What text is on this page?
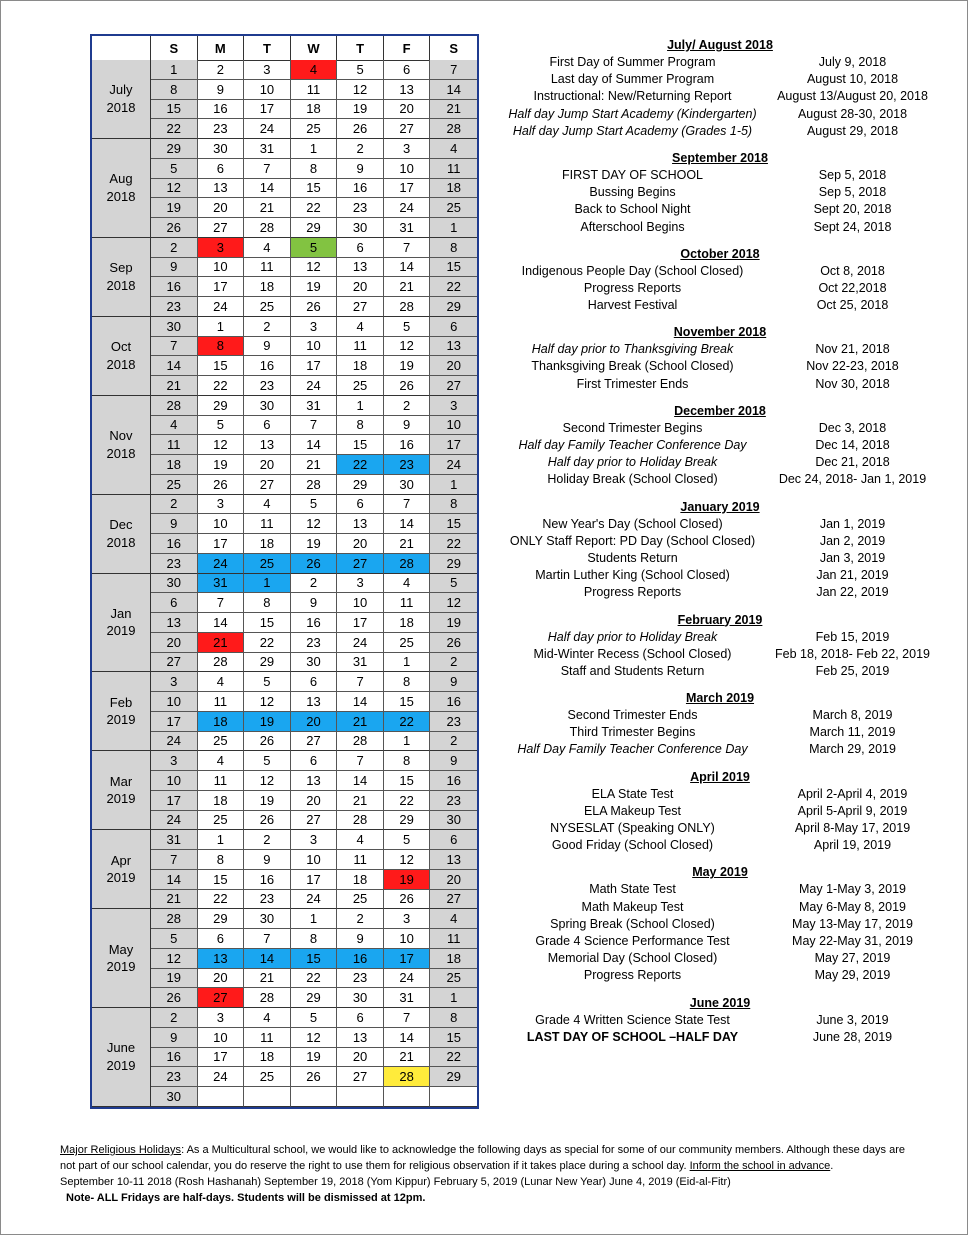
S	M	T	W	T	F	S
July
2018
1	2	3	4	5	6	7
8	9	10	11	12	13	14
15	16	17	18	19	20	21
22	23	24	25	26	27	28
Aug
2018
29	30	31	1	2	3	4
5	6	7	8	9	10	11
12	13	14	15	16	17	18
19	20	21	22	23	24	25
26	27	28	29	30	31	1
Sep
2018
2	3	4	5	6	7	8
9	10	11	12	13	14	15
16	17	18	19	20	21	22
23	24	25	26	27	28	29
Oct
2018
30	1	2	3	4	5	6
7	8	9	10	11	12	13
14	15	16	17	18	19	20
21	22	23	24	25	26	27
Nov
2018
28	29	30	31	1	2	3
4	5	6	7	8	9	10
11	12	13	14	15	16	17
18	19	20	21	22	23	24
25	26	27	28	29	30	1
Dec
2018
2	3	4	5	6	7	8
9	10	11	12	13	14	15
16	17	18	19	20	21	22
23	24	25	26	27	28	29
Jan
2019
30	31	1	2	3	4	5
6	7	8	9	10	11	12
13	14	15	16	17	18	19
20	21	22	23	24	25	26
27	28	29	30	31	1	2
Feb
2019
3	4	5	6	7	8	9
10	11	12	13	14	15	16
17	18	19	20	21	22	23
24	25	26	27	28	1	2
Mar
2019
3	4	5	6	7	8	9
10	11	12	13	14	15	16
17	18	19	20	21	22	23
24	25	26	27	28	29	30
Apr
2019
31	1	2	3	4	5	6
7	8	9	10	11	12	13
14	15	16	17	18	19	20
21	22	23	24	25	26	27
May
2019
28	29	30	1	2	3	4
5	6	7	8	9	10	11
12	13	14	15	16	17	18
19	20	21	22	23	24	25
26	27	28	29	30	31	1
June
2019
2	3	4	5	6	7	8
9	10	11	12	13	14	15
16	17	18	19	20	21	22
23	24	25	26	27	28	29
30
July/ August 2018
First Day of Summer Program	July 9, 2018
Last day of Summer Program	August 10, 2018
Instructional: New/Returning Report	August 13/August 20, 2018
Half day Jump Start Academy (Kindergarten)	August 28-30, 2018
Half day Jump Start Academy (Grades 1-5)	August 29, 2018
September 2018
FIRST DAY OF SCHOOL	Sep 5, 2018
Bussing Begins	Sep 5, 2018
Back to School Night	Sept 20, 2018
Afterschool Begins	Sept 24, 2018
October 2018
Indigenous People Day (School Closed)	Oct 8, 2018
Progress Reports	Oct 22,2018
Harvest Festival	Oct 25, 2018
November 2018
Half day prior to Thanksgiving Break	Nov 21, 2018
Thanksgiving Break (School Closed)	Nov 22-23, 2018
First Trimester Ends	Nov 30, 2018
December 2018
Second Trimester Begins	Dec 3, 2018
Half day Family Teacher Conference Day	Dec 14, 2018
Half day prior to Holiday Break	Dec 21, 2018
Holiday Break (School Closed)	Dec 24, 2018- Jan 1, 2019
January 2019
New Year's Day (School Closed)	Jan 1, 2019
ONLY Staff Report: PD Day (School Closed)	Jan 2, 2019
Students Return	Jan 3, 2019
Martin Luther King (School Closed)	Jan 21, 2019
Progress Reports	Jan 22, 2019
February 2019
Half day prior to Holiday Break	Feb 15, 2019
Mid-Winter Recess (School Closed)	Feb 18, 2018- Feb 22, 2019
Staff and Students Return	Feb 25, 2019
March 2019
Second Trimester Ends	March 8, 2019
Third Trimester Begins	March 11, 2019
Half Day Family Teacher Conference Day	March 29, 2019
April 2019
ELA State Test	April 2-April 4, 2019
ELA Makeup Test	April 5-April 9, 2019
NYSESLAT (Speaking ONLY)	April 8-May 17, 2019
Good Friday (School Closed)	April 19, 2019
May 2019
Math State Test	May 1-May 3, 2019
Math Makeup Test	May 6-May 8, 2019
Spring Break (School Closed)	May 13-May 17, 2019
Grade 4 Science Performance Test	May 22-May 31, 2019
Memorial Day (School Closed)	May 27, 2019
Progress Reports	May 29, 2019
June 2019
Grade 4 Written Science State Test	June 3, 2019
LAST DAY OF SCHOOL –HALF DAY	June 28, 2019
Major Religious Holidays: As a Multicultural school, we would like to acknowledge the following days as special for some of our community members. Although these days are not part of our school calendar, you do reserve the right to use them for religious observation if it takes place during a school day. Inform the school in advance.
September 10-11 2018 (Rosh Hashanah) September 19, 2018 (Yom Kippur) February 5, 2019 (Lunar New Year) June 4, 2019 (Eid-al-Fitr)
Note- ALL Fridays are half-days. Students will be dismissed at 12pm.
